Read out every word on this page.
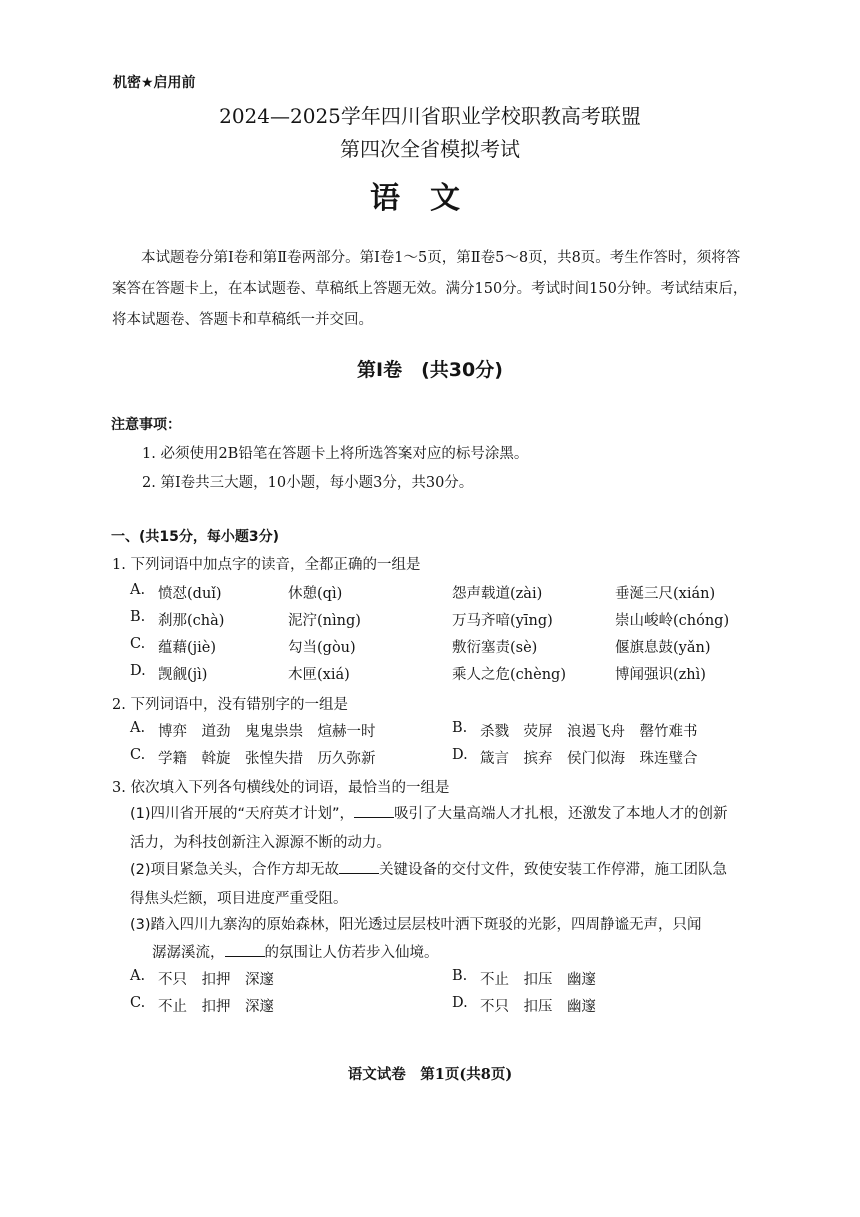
机密★启用前
2024—2025学年四川省职业学校职教高考联盟
第四次全省模拟考试
语文
本试题卷分第Ⅰ卷和第Ⅱ卷两部分。第Ⅰ卷1～5页，第Ⅱ卷5～8页，共8页。考生作答时，须将答案答在答题卡上，在本试题卷、草稿纸上答题无效。满分150分。考试时间150分钟。考试结束后，将本试题卷、答题卡和草稿纸一并交回。
第Ⅰ卷　(共30分)
注意事项：
1. 必须使用2B铅笔在答题卡上将所选答案对应的标号涂黑。
2. 第Ⅰ卷共三大题，10小题，每小题3分，共30分。
一、(共15分，每小题3分)
1. 下列词语中加点字的读音，全都正确的一组是
A. 愤怼(duǐ)	休憩(qì)	怨声载道(zài)	垂涎三尺(xián)
B. 刹那(chà)	泥泞(nìng)	万马齐喑(yīng)	崇山峻岭(chóng)
C. 蕴藉(jiè)	勾当(gòu)	敷衍塞责(sè)	偃旗息鼓(yǎn)
D. 觊觎(jì)	木匣(xiá)	乘人之危(chèng)	博闻强识(zhì)
2. 下列词语中，没有错别字的一组是
A. 博弈　道劲　鬼鬼祟祟　煊赫一时	B. 杀戮　荧屏　浪遏飞舟　罄竹难书
C. 学籍　斡旋　张惶失措　历久弥新	D. 箴言　摈弃　侯门似海　珠连璧合
3. 依次填入下列各句横线处的词语，最恰当的一组是
(1)四川省开展的“天府英才计划”，	吸引了大量高端人才扎根，还激发了本地人才的创新活力，为科技创新注入源源不断的动力。
(2)项目紧急关头，合作方却无故	关键设备的交付文件，致使安装工作停滞，施工团队急得焦头烂额，项目进度严重受阻。
(3)踏入四川九寨沟的原始森林，阳光透过层层枝叶洒下斑驳的光影，四周静谧无声，只闻
潺潺溪流，	的氛围让人仿若步入仙境。
A. 不只　扣押　深邃	B. 不止　扣压　幽邃
C. 不止　扣押　深邃	D. 不只　扣压　幽邃
语文试卷　第1页(共8页)
